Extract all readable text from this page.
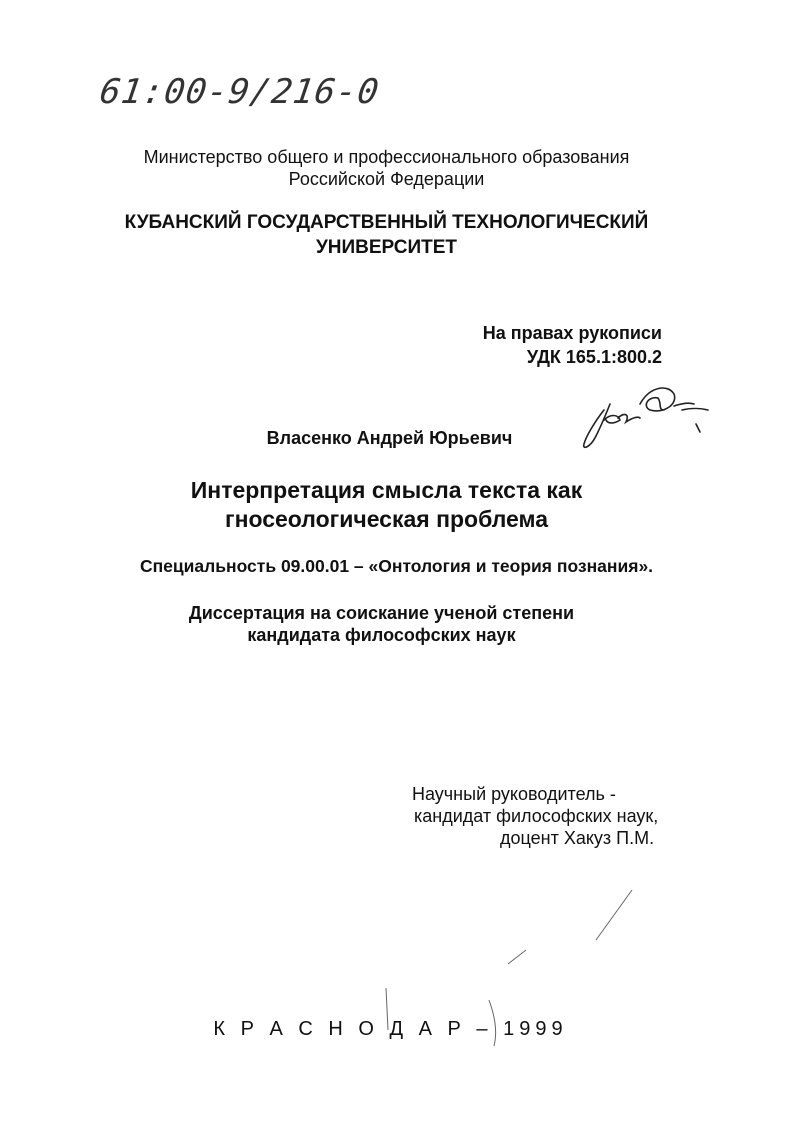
61:00-9/216-0
Министерство общего и профессионального образования
Российской Федерации
КУБАНСКИЙ ГОСУДАРСТВЕННЫЙ ТЕХНОЛОГИЧЕСКИЙ
УНИВЕРСИТЕТ
На правах рукописи
УДК 165.1:800.2
Власенко Андрей Юрьевич
Интерпретация смысла текста как
гносеологическая проблема
Специальность 09.00.01 – «Онтология и теория познания».
Диссертация на соискание ученой степени
кандидата философских наук
Научный руководитель -
кандидат философских наук,
доцент Хакуз П.М.
К Р А С Н О Д А Р – 1999
